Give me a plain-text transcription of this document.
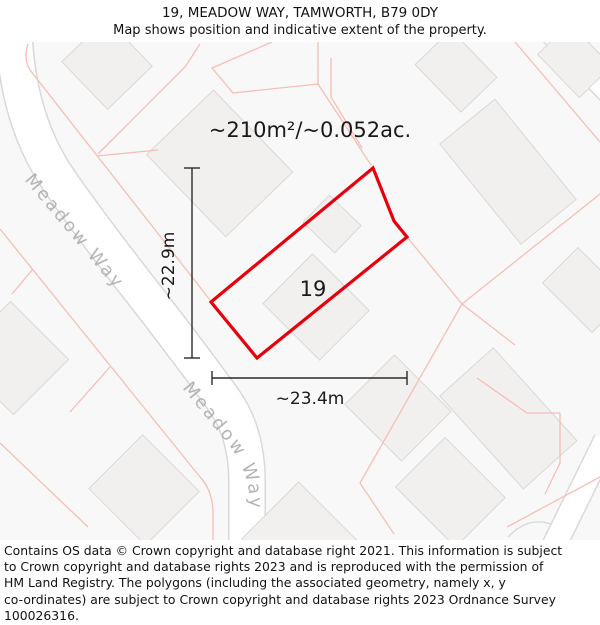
19, MEADOW WAY, TAMWORTH, B79 0DY
Map shows position and indicative extent of the property.
Meadow Way
Meadow Way
~210m²/~0.052ac.
19
~22.9m
~23.4m
Contains OS data © Crown copyright and database right 2021. This information is subject
to Crown copyright and database rights 2023 and is reproduced with the permission of
HM Land Registry. The polygons (including the associated geometry, namely x, y
co-ordinates) are subject to Crown copyright and database rights 2023 Ordnance Survey
100026316.
